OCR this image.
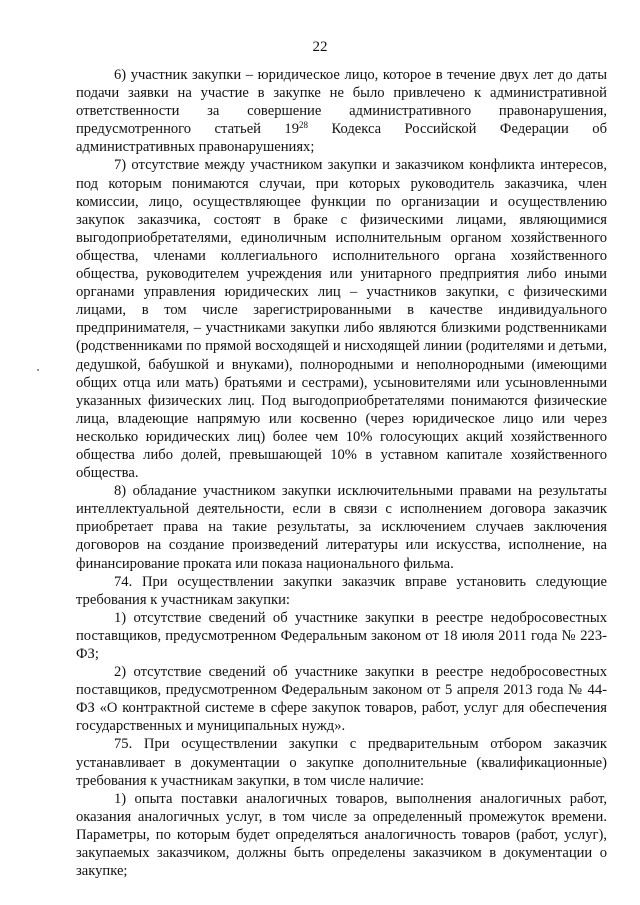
22

6) участник закупки – юридическое лицо, которое в течение двух лет до даты подачи заявки на участие в закупке не было привлечено к административной ответственности за совершение административного правонарушения, предусмотренного статьей $19^{28}$ Кодекса Российской Федерации об административных правонарушениях;

7) отсутствие между участником закупки и заказчиком конфликта интересов, под которым понимаются случаи, при которых руководитель заказчика, член комиссии, лицо, осуществляющее функции по организации и осуществлению закупок заказчика, состоят в браке с физическими лицами, являющимися выгодоприобретателями, единоличным исполнительным органом хозяйственного общества, членами коллегиального исполнительного органа хозяйственного общества, руководителем учреждения или унитарного предприятия либо иными органами управления юридических лиц – участников закупки, с физическими лицами, в том числе зарегистрированными в качестве индивидуального предпринимателя, – участниками закупки либо являются близкими родственниками (родственниками по прямой восходящей и нисходящей линии (родителями и детьми, дедушкой, бабушкой и внуками), полнородными и неполнородными (имеющими общих отца или мать) братьями и сестрами), усыновителями или усыновленными указанных физических лиц. Под выгодоприобретателями понимаются физические лица, владеющие напрямую или косвенно (через юридическое лицо или через несколько юридических лиц) более чем 10% голосующих акций хозяйственного общества либо долей, превышающей 10% в уставном капитале хозяйственного общества.

8) обладание участником закупки исключительными правами на результаты интеллектуальной деятельности, если в связи с исполнением договора заказчик приобретает права на такие результаты, за исключением случаев заключения договоров на создание произведений литературы или искусства, исполнение, на финансирование проката или показа национального фильма.

74. При осуществлении закупки заказчик вправе установить следующие требования к участникам закупки:

1) отсутствие сведений об участнике закупки в реестре недобросовестных поставщиков, предусмотренном Федеральным законом от 18 июля 2011 года № 223-ФЗ;

2) отсутствие сведений об участнике закупки в реестре недобросовестных поставщиков, предусмотренном Федеральным законом от 5 апреля 2013 года № 44-ФЗ «О контрактной системе в сфере закупок товаров, работ, услуг для обеспечения государственных и муниципальных нужд».

75. При осуществлении закупки с предварительным отбором заказчик устанавливает в документации о закупке дополнительные (квалификационные) требования к участникам закупки, в том числе наличие:

1) опыта поставки аналогичных товаров, выполнения аналогичных работ, оказания аналогичных услуг, в том числе за определенный промежуток времени. Параметры, по которым будет определяться аналогичность товаров (работ, услуг), закупаемых заказчиком, должны быть определены заказчиком в документации о закупке;
